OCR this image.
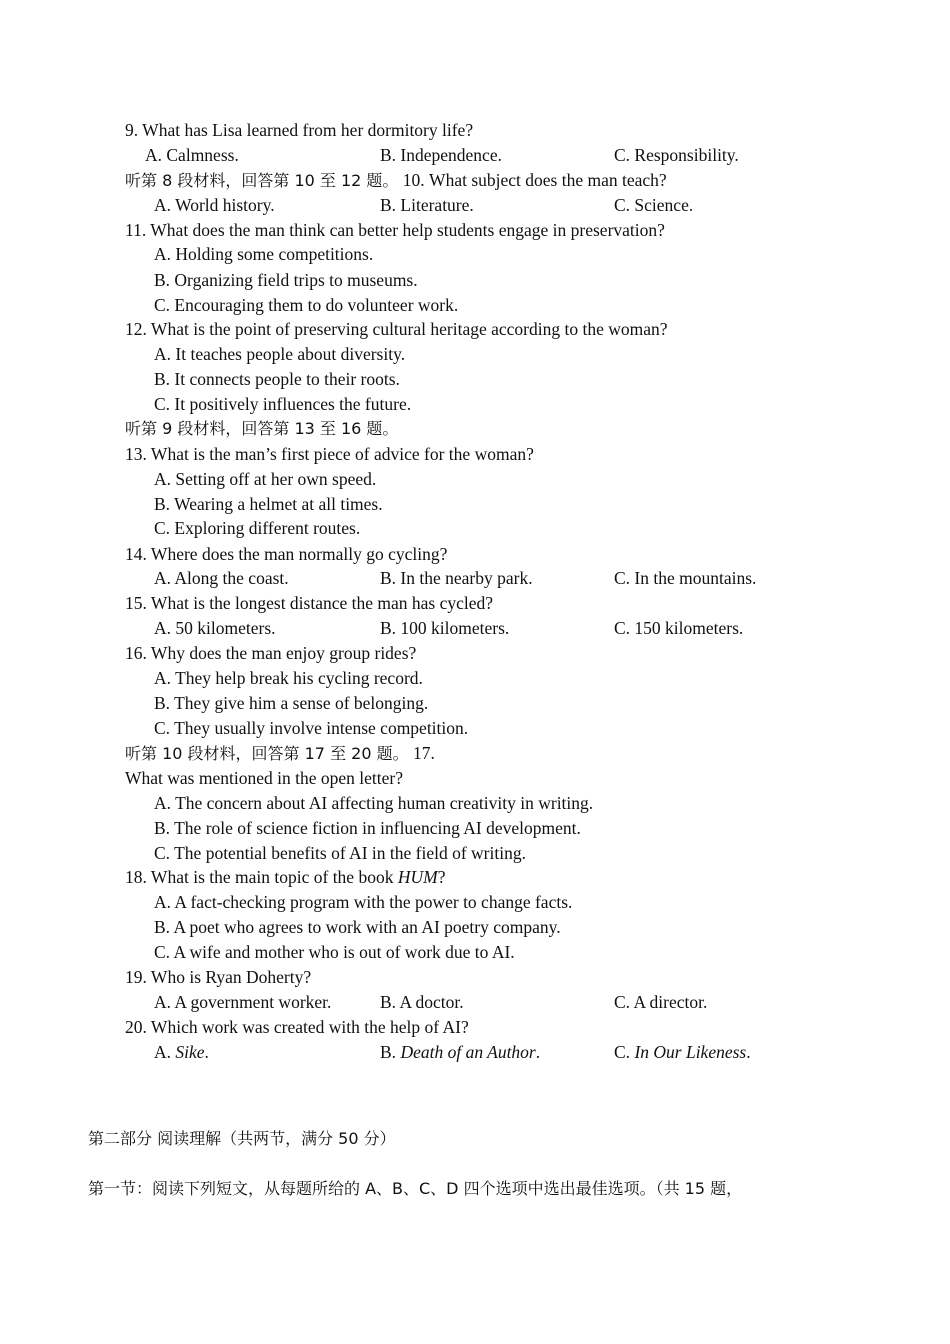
9. What has Lisa learned from her dormitory life?
A. Calmness.	B. Independence.	C. Responsibility.
听第 8 段材料，回答第 10 至 12 题。 10. What subject does the man teach?
A. World history.	B. Literature.	C. Science.
11. What does the man think can better help students engage in preservation?
A. Holding some competitions.
B. Organizing field trips to museums.
C. Encouraging them to do volunteer work.
12. What is the point of preserving cultural heritage according to the woman?
A. It teaches people about diversity.
B. It connects people to their roots.
C. It positively influences the future.
听第 9 段材料，回答第 13 至 16 题。
13. What is the man’s first piece of advice for the woman?
A. Setting off at her own speed.
B. Wearing a helmet at all times.
C. Exploring different routes.
14. Where does the man normally go cycling?
A. Along the coast.	B. In the nearby park.	C. In the mountains.
15. What is the longest distance the man has cycled?
A. 50 kilometers.	B. 100 kilometers.	C. 150 kilometers.
16. Why does the man enjoy group rides?
A. They help break his cycling record.
B. They give him a sense of belonging.
C. They usually involve intense competition.
听第 10 段材料，回答第 17 至 20 题。 17.
What was mentioned in the open letter?
A. The concern about AI affecting human creativity in writing.
B. The role of science fiction in influencing AI development.
C. The potential benefits of AI in the field of writing.
18. What is the main topic of the book HUM?
A. A fact-checking program with the power to change facts.
B. A poet who agrees to work with an AI poetry company.
C. A wife and mother who is out of work due to AI.
19. Who is Ryan Doherty?
A. A government worker.	B. A doctor.	C. A director.
20. Which work was created with the help of AI?
A. Sike.	B. Death of an Author.	C. In Our Likeness.
第二部分 阅读理解（共两节，满分 50 分）
第一节：阅读下列短文，从每题所给的 A、B、C、D 四个选项中选出最佳选项。（共 15 题，
